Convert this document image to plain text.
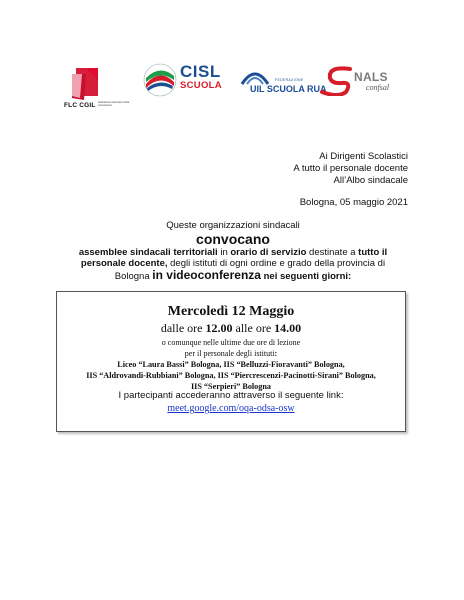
FLC CGIL federazione lavoratori della conoscenza
CISL
SCUOLA	FEDERAZIONE
UIL SCUOLA RUA
NALS
confsal
Ai Dirigenti Scolastici
A tutto il personale docente
All’Albo sindacale
Bologna, 05 maggio 2021
Queste organizzazioni sindacali
convocano
assemblee sindacali territoriali in orario di servizio destinate a tutto il
personale docente, degli istituti di ogni ordine e grado della provincia di
Bologna in videoconferenza nei seguenti giorni:
Mercoledì 12 Maggio
dalle ore 12.00 alle ore 14.00
o comunque nelle ultime due ore di lezione
per il personale degli istituti:
Liceo “Laura Bassi” Bologna, IIS “Belluzzi-Fioravanti” Bologna,
IIS “Aldrovandi-Rubbiani” Bologna, IIS “Piercrescenzi-Pacinotti-Sirani” Bologna,
IIS “Serpieri” Bologna
I partecipanti accederanno attraverso il seguente link:
meet.google.com/oqa-odsa-osw
